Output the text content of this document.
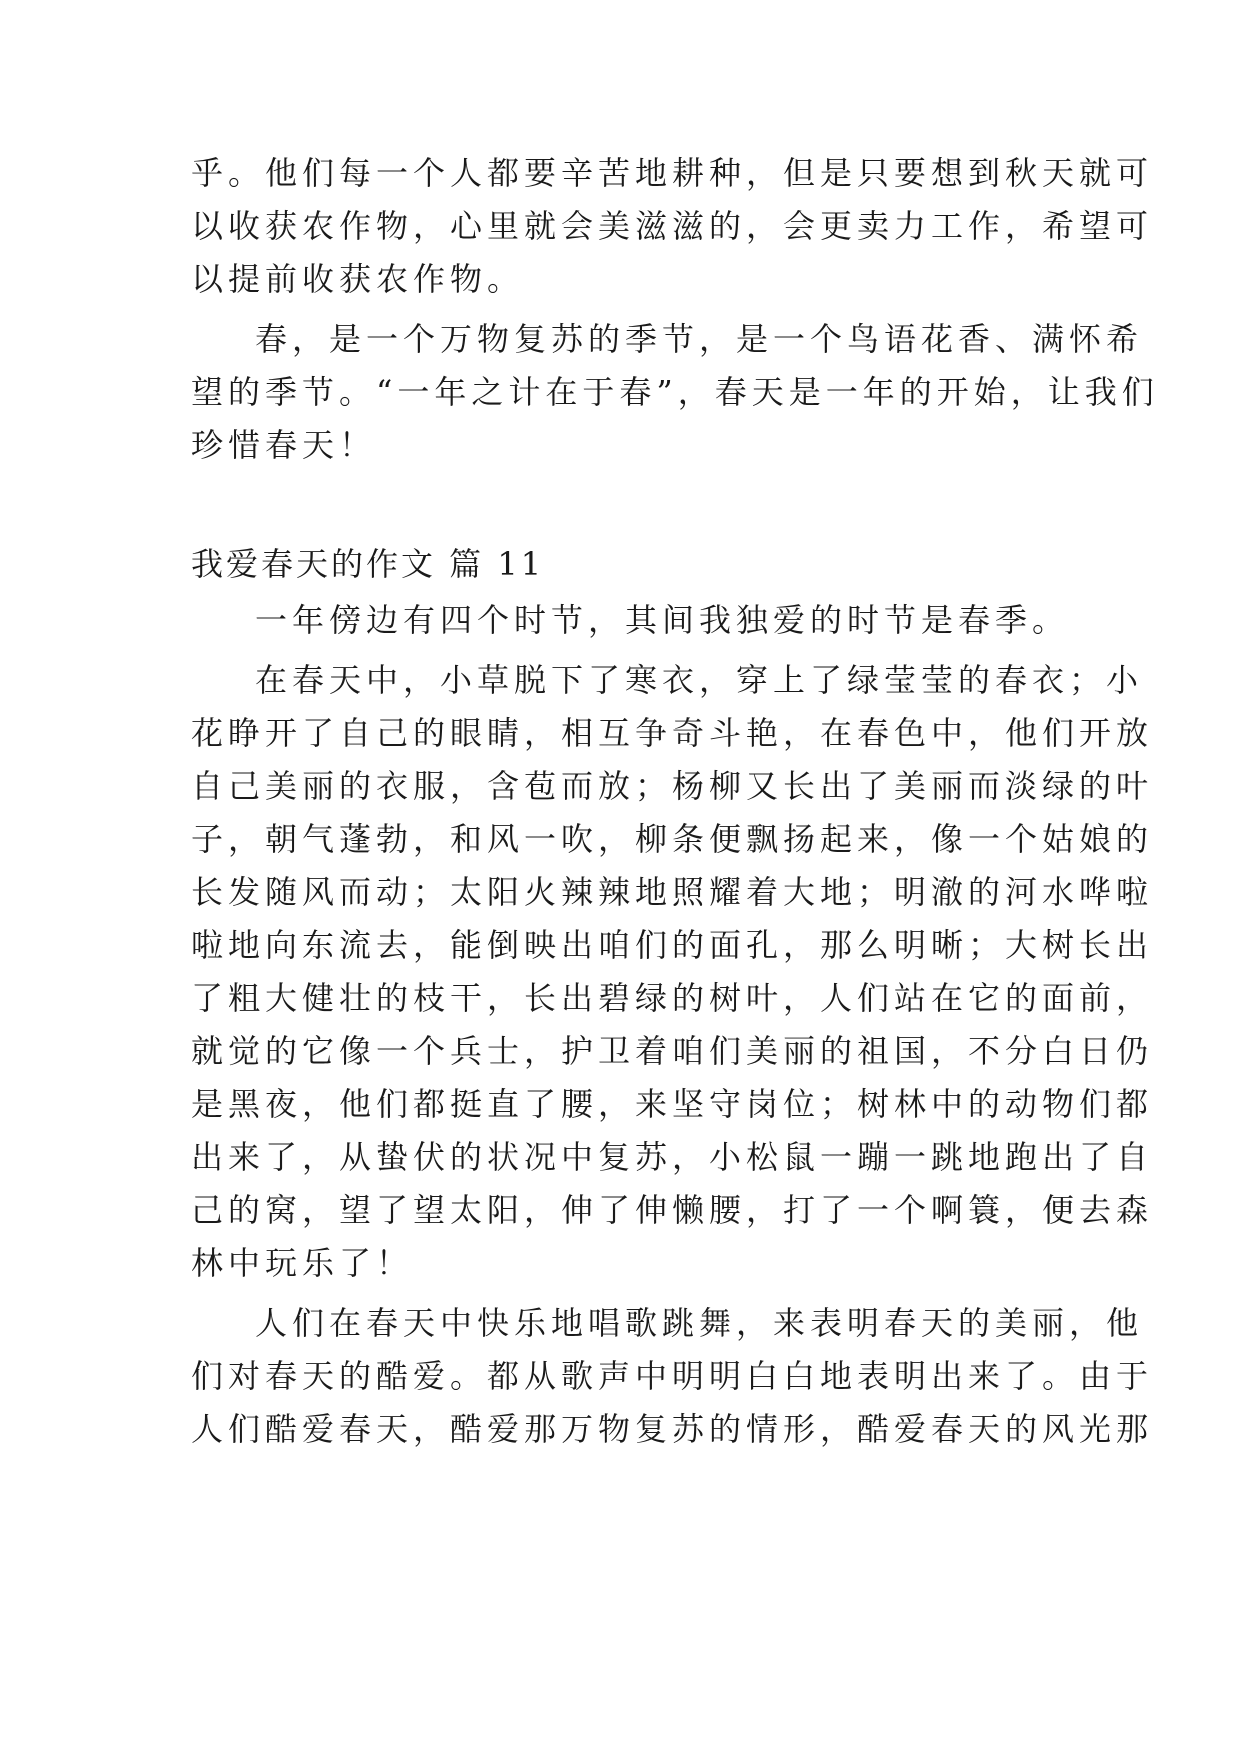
乎。他们每一个人都要辛苦地耕种，但是只要想到秋天就可

以收获农作物，心里就会美滋滋的，会更卖力工作，希望可

以提前收获农作物。

春，是一个万物复苏的季节，是一个鸟语花香、满怀希

望的季节。“一年之计在于春”，春天是一年的开始，让我们

珍惜春天！

我爱春天的作文 篇 11

一年傍边有四个时节，其间我独爱的时节是春季。

在春天中，小草脱下了寒衣，穿上了绿莹莹的春衣；小

花睁开了自己的眼睛，相互争奇斗艳，在春色中，他们开放

自己美丽的衣服，含苞而放；杨柳又长出了美丽而淡绿的叶

子，朝气蓬勃，和风一吹，柳条便飘扬起来，像一个姑娘的

长发随风而动；太阳火辣辣地照耀着大地；明澈的河水哗啦

啦地向东流去，能倒映出咱们的面孔，那么明晰；大树长出

了粗大健壮的枝干，长出碧绿的树叶，人们站在它的面前，

就觉的它像一个兵士，护卫着咱们美丽的祖国，不分白日仍

是黑夜，他们都挺直了腰，来坚守岗位；树林中的动物们都

出来了，从蛰伏的状况中复苏，小松鼠一蹦一跳地跑出了自

己的窝，望了望太阳，伸了伸懒腰，打了一个啊簑，便去森

林中玩乐了！

人们在春天中快乐地唱歌跳舞，来表明春天的美丽，他

们对春天的酷爱。都从歌声中明明白白地表明出来了。由于

人们酷爱春天，酷爱那万物复苏的情形，酷爱春天的风光那
